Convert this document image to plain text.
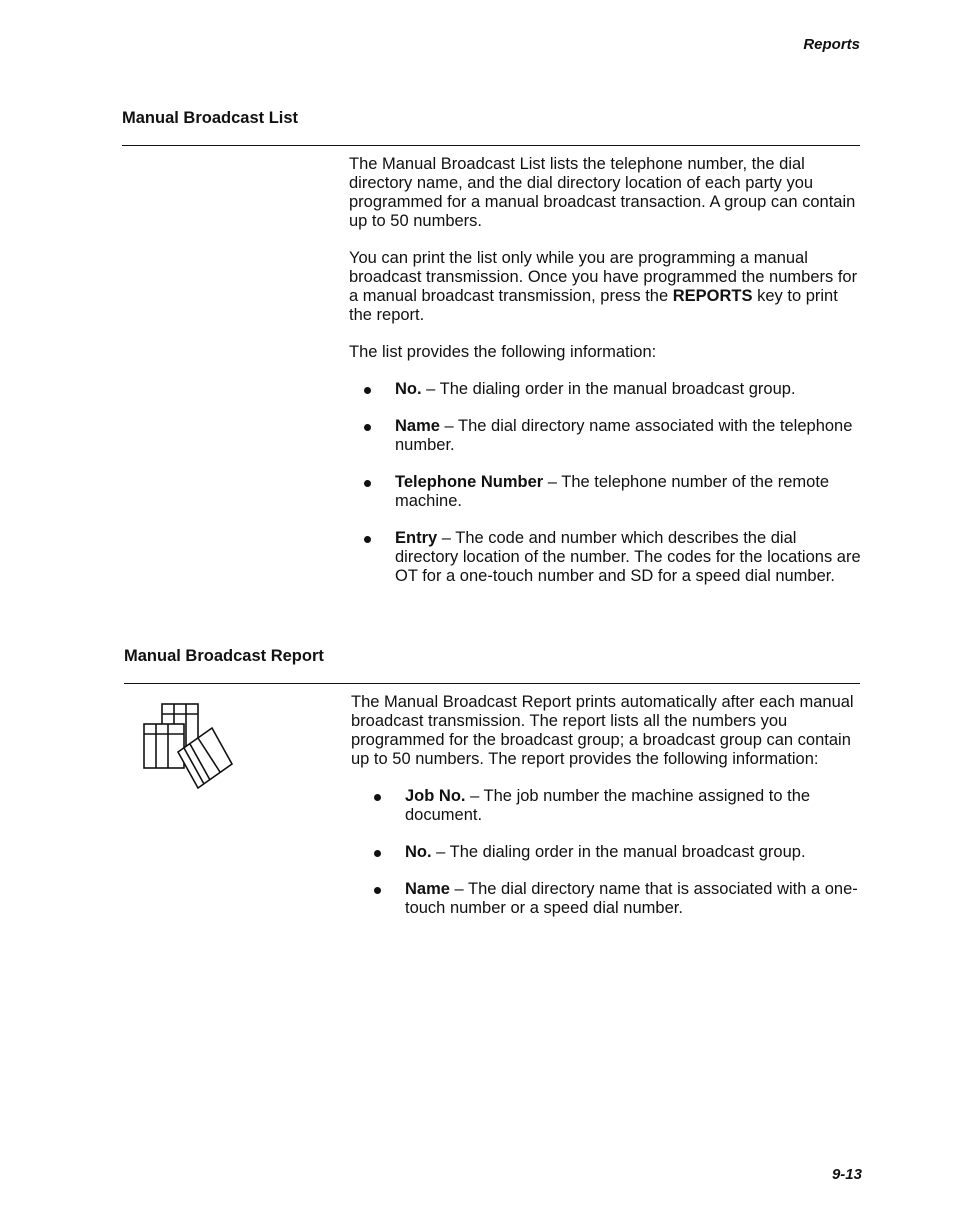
Reports
Manual Broadcast List

The Manual Broadcast List lists the telephone number, the dial directory name, and the dial directory location of each party you programmed for a manual broadcast transaction. A group can contain up to 50 numbers.

You can print the list only while you are programming a manual broadcast transmission. Once you have programmed the numbers for a manual broadcast transmission, press the REPORTS key to print the report.

The list provides the following information:

No. – The dialing order in the manual broadcast group.
Name – The dial directory name associated with the telephone number.
Telephone Number – The telephone number of the remote machine.
Entry – The code and number which describes the dial directory location of the number. The codes for the locations are OT for a one-touch number and SD for a speed dial number.
Manual Broadcast Report

The Manual Broadcast Report prints automatically after each manual broadcast transmission. The report lists all the numbers you programmed for the broadcast group; a broadcast group can contain up to 50 numbers. The report provides the following information:

Job No. – The job number the machine assigned to the document.
No. – The dialing order in the manual broadcast group.
Name – The dial directory name that is associated with a one-touch number or a speed dial number.
9-13
